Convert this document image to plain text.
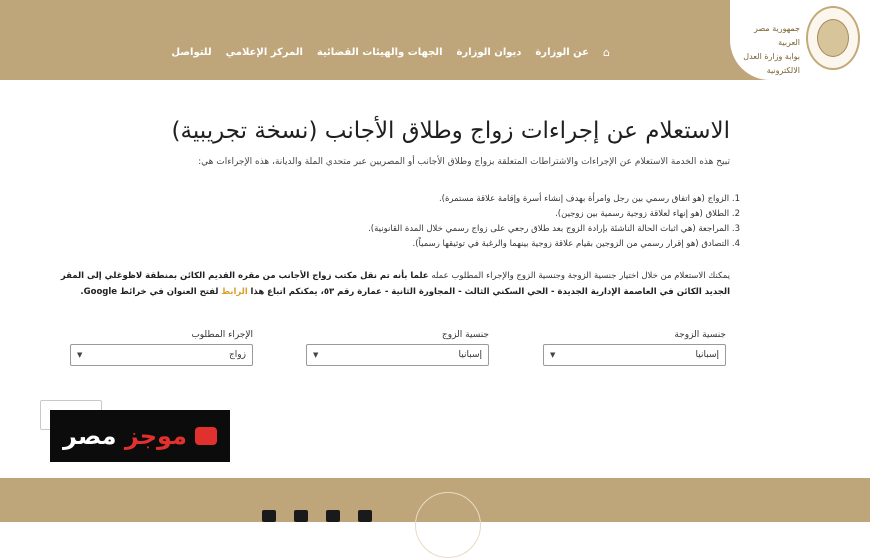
جمهورية مصر العربية
بوابة وزارة العدل الالكترونية
⌂
عن الوزارة
ديوان الوزارة
الجهات والهيئات القضائية
المركز الإعلامي
للتواصل
الاستعلام عن إجراءات زواج وطلاق الأجانب (نسخة تجريبية)
تبيح هذه الخدمة الاستعلام عن الإجراءات والاشتراطات المتعلقة بزواج وطلاق الأجانب أو المصريين عبر متحدي الملة والديانة، هذه الإجراءات هي:
1. الزواج (هو اتفاق رسمي بين رجل وامرأة بهدف إنشاء أسرة وإقامة علاقة مستمرة).
2. الطلاق (هو إنهاء لعلاقة زوجية رسمية بين زوجين).
3. المراجعة (هي اثبات الحالة الناشئة بإرادة الزوج بعد طلاق رجعي على زواج رسمي خلال المدة القانونية).
4. التصادق (هو إقرار رسمي من الزوجين بقيام علاقة زوجية بينهما والرغبة في توثيقها رسمياً).
يمكنك الاستعلام من خلال اختيار جنسية الزوجة وجنسية الزوج والإجراء المطلوب عمله علما بأنه تم نقل مكتب زواج الأجانب من مقره القديم الكائن بمنطقة لاظوغلي إلى المقر الجديد الكائن في العاصمة الإدارية الجديدة - الحي السكني الثالث - المجاورة الثانية - عمارة رقم ٥٣، يمكنكم اتباع هذا الرابط لفتح العنوان في خرائط Google.
جنسية الزوجة
إسبانيا
▼
جنسية الزوج
إسبانيا
▼
الإجراء المطلوب
زواج
▼
موجز مصر
